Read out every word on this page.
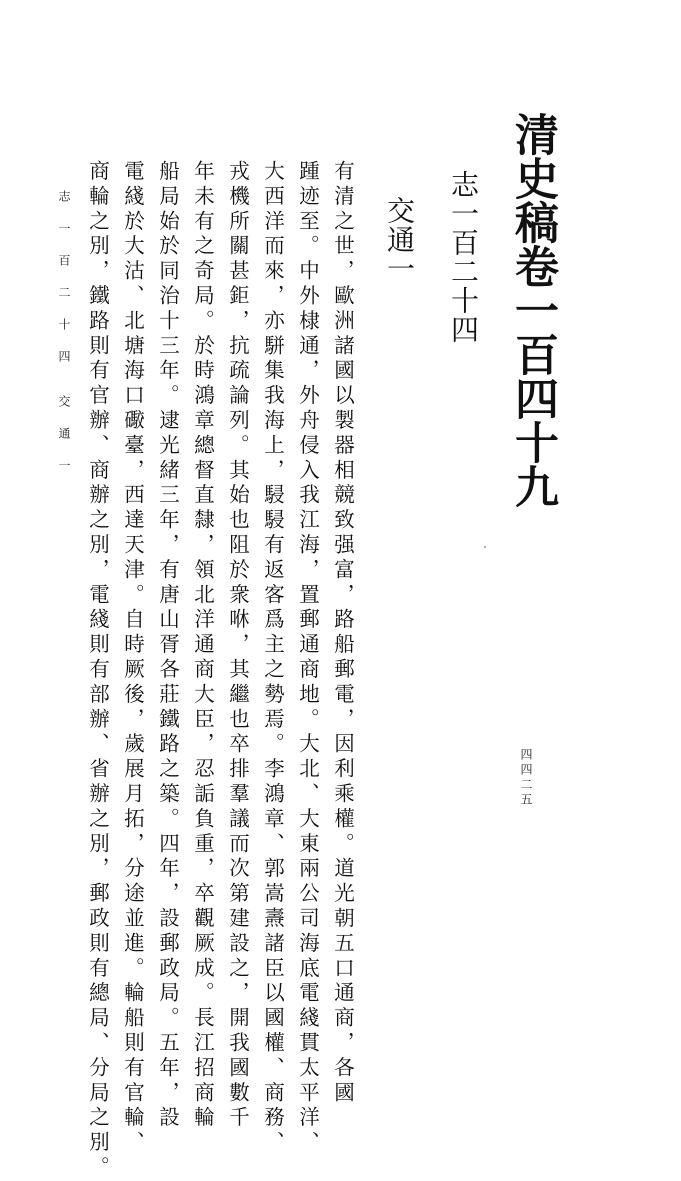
清史稿卷一百四十九
志一百二十四
交通一
有清之世，歐洲諸國以製器相競致强富，路船郵電，因利乘權。道光朝五口通商，各國
踵迹至。中外棣通，外舟侵入我江海，置郵通商地。大北、大東兩公司海底電綫貫太平洋、
大西洋而來，亦駢集我海上，駸駸有返客爲主之勢焉。李鴻章、郭嵩燾諸臣以國權、商務、
戎機所關甚鉅，抗疏論列。其始也阻於衆咻，其繼也卒排羣議而次第建設之，開我國數千
年未有之奇局。於時鴻章總督直隸，領北洋通商大臣，忍詬負重，卒觀厥成。長江招商輪
船局始於同治十三年。逮光緒三年，有唐山胥各莊鐵路之築。四年，設郵政局。五年，設
電綫於大沽、北塘海口礮臺，西達天津。自時厥後，歲展月拓，分途並進。輪船則有官輪、
商輪之別，鐵路則有官辦、商辦之別，電綫則有部辦、省辦之別，郵政則有總局、分局之別。
志 一 百 二 十 四　　交 通 一
四四二五
